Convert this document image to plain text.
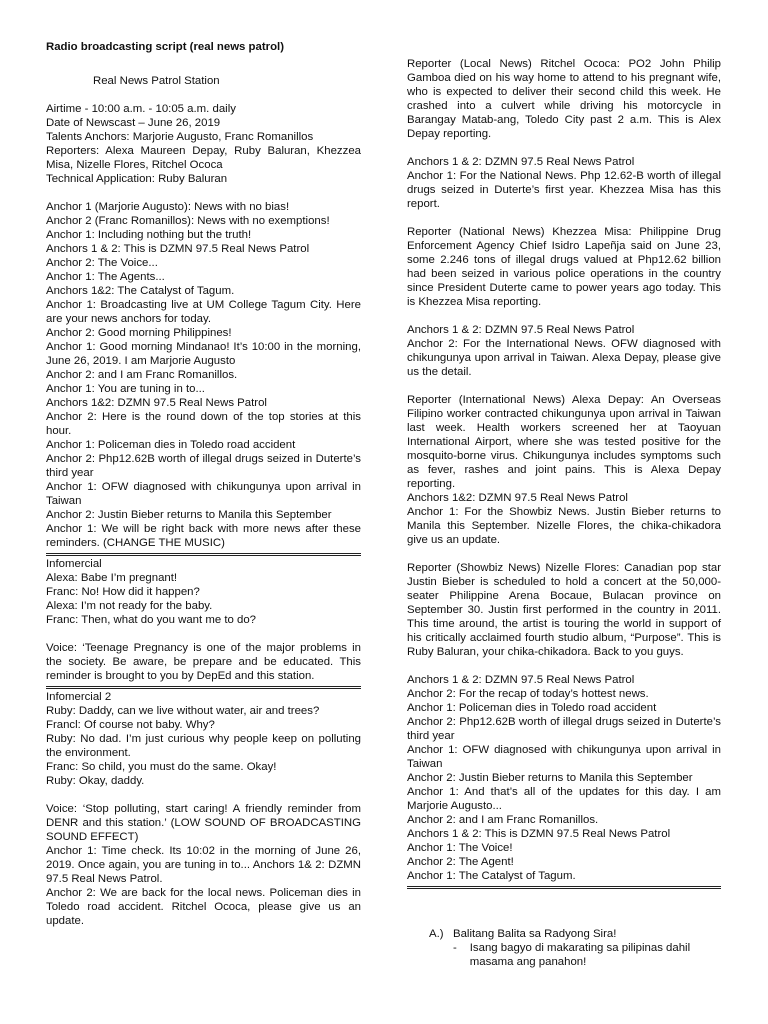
Radio broadcasting script (real news patrol)
Real News Patrol Station
Airtime - 10:00 a.m. - 10:05 a.m. daily
Date of Newscast – June 26, 2019
Talents Anchors: Marjorie Augusto, Franc Romanillos
Reporters: Alexa Maureen Depay, Ruby Baluran, Khezzea Misa, Nizelle Flores, Ritchel Ococa
Technical Application: Ruby Baluran
Anchor 1 (Marjorie Augusto): News with no bias!
Anchor 2 (Franc Romanillos): News with no exemptions!
Anchor 1: Including nothing but the truth!
Anchors 1 & 2: This is DZMN 97.5 Real News Patrol
Anchor 2: The Voice...
Anchor 1: The Agents...
Anchors 1&2: The Catalyst of Tagum.
Anchor 1: Broadcasting live at UM College Tagum City. Here are your news anchors for today.
Anchor 2: Good morning Philippines!
Anchor 1: Good morning Mindanao! It’s 10:00 in the morning, June 26, 2019. I am Marjorie Augusto
Anchor 2: and I am Franc Romanillos.
Anchor 1: You are tuning in to...
Anchors 1&2: DZMN 97.5 Real News Patrol
Anchor 2: Here is the round down of the top stories at this hour.
Anchor 1: Policeman dies in Toledo road accident
Anchor 2: Php12.62B worth of illegal drugs seized in Duterte’s third year
Anchor 1: OFW diagnosed with chikungunya upon arrival in Taiwan
Anchor 2: Justin Bieber returns to Manila this September
Anchor 1: We will be right back with more news after these reminders. (CHANGE THE MUSIC)
Infomercial
Alexa: Babe I’m pregnant!
Franc: No! How did it happen?
Alexa: I’m not ready for the baby.
Franc: Then, what do you want me to do?
Voice: ‘Teenage Pregnancy is one of the major problems in the society. Be aware, be prepare and be educated. This reminder is brought to you by DepEd and this station.
Infomercial 2
Ruby: Daddy, can we live without water, air and trees?
Francl: Of course not baby. Why?
Ruby: No dad. I’m just curious why people keep on polluting the environment.
Franc: So child, you must do the same. Okay!
Ruby: Okay, daddy.
Voice: ‘Stop polluting, start caring! A friendly reminder from DENR and this station.’ (LOW SOUND OF BROADCASTING SOUND EFFECT)
Anchor 1: Time check. Its 10:02 in the morning of June 26, 2019. Once again, you are tuning in to... Anchors 1& 2: DZMN 97.5 Real News Patrol.
Anchor 2: We are back for the local news. Policeman dies in Toledo road accident. Ritchel Ococa, please give us an update.
Reporter (Local News) Ritchel Ococa: PO2 John Philip Gamboa died on his way home to attend to his pregnant wife, who is expected to deliver their second child this week. He crashed into a culvert while driving his motorcycle in Barangay Matab-ang, Toledo City past 2 a.m. This is Alex Depay reporting.
Anchors 1 & 2: DZMN 97.5 Real News Patrol
Anchor 1: For the National News. Php 12.62-B worth of illegal drugs seized in Duterte’s first year. Khezzea Misa has this report.
Reporter (National News) Khezzea Misa: Philippine Drug Enforcement Agency Chief Isidro Lapeñja said on June 23, some 2.246 tons of illegal drugs valued at Php12.62 billion had been seized in various police operations in the country since President Duterte came to power years ago today. This is Khezzea Misa reporting.
Anchors 1 & 2: DZMN 97.5 Real News Patrol
Anchor 2: For the International News. OFW diagnosed with chikungunya upon arrival in Taiwan. Alexa Depay, please give us the detail.
Reporter (International News) Alexa Depay: An Overseas Filipino worker contracted chikungunya upon arrival in Taiwan last week. Health workers screened her at Taoyuan International Airport, where she was tested positive for the mosquito-borne virus. Chikungunya includes symptoms such as fever, rashes and joint pains. This is Alexa Depay reporting.
Anchors 1&2: DZMN 97.5 Real News Patrol
Anchor 1: For the Showbiz News. Justin Bieber returns to Manila this September. Nizelle Flores, the chika-chikadora give us an update.
Reporter (Showbiz News) Nizelle Flores: Canadian pop star Justin Bieber is scheduled to hold a concert at the 50,000-seater Philippine Arena Bocaue, Bulacan province on September 30. Justin first performed in the country in 2011. This time around, the artist is touring the world in support of his critically acclaimed fourth studio album, “Purpose”. This is Ruby Baluran, your chika-chikadora. Back to you guys.
Anchors 1 & 2: DZMN 97.5 Real News Patrol
Anchor 2: For the recap of today’s hottest news.
Anchor 1: Policeman dies in Toledo road accident
Anchor 2: Php12.62B worth of illegal drugs seized in Duterte’s third year
Anchor 1: OFW diagnosed with chikungunya upon arrival in Taiwan
Anchor 2: Justin Bieber returns to Manila this September
Anchor 1: And that’s all of the updates for this day. I am Marjorie Augusto...
Anchor 2: and I am Franc Romanillos.
Anchors 1 & 2: This is DZMN 97.5 Real News Patrol
Anchor 1: The Voice!
Anchor 2: The Agent!
Anchor 1: The Catalyst of Tagum.
A.) Balitang Balita sa Radyong Sira!
-	Isang bagyo di makarating sa pilipinas dahil masama ang panahon!
